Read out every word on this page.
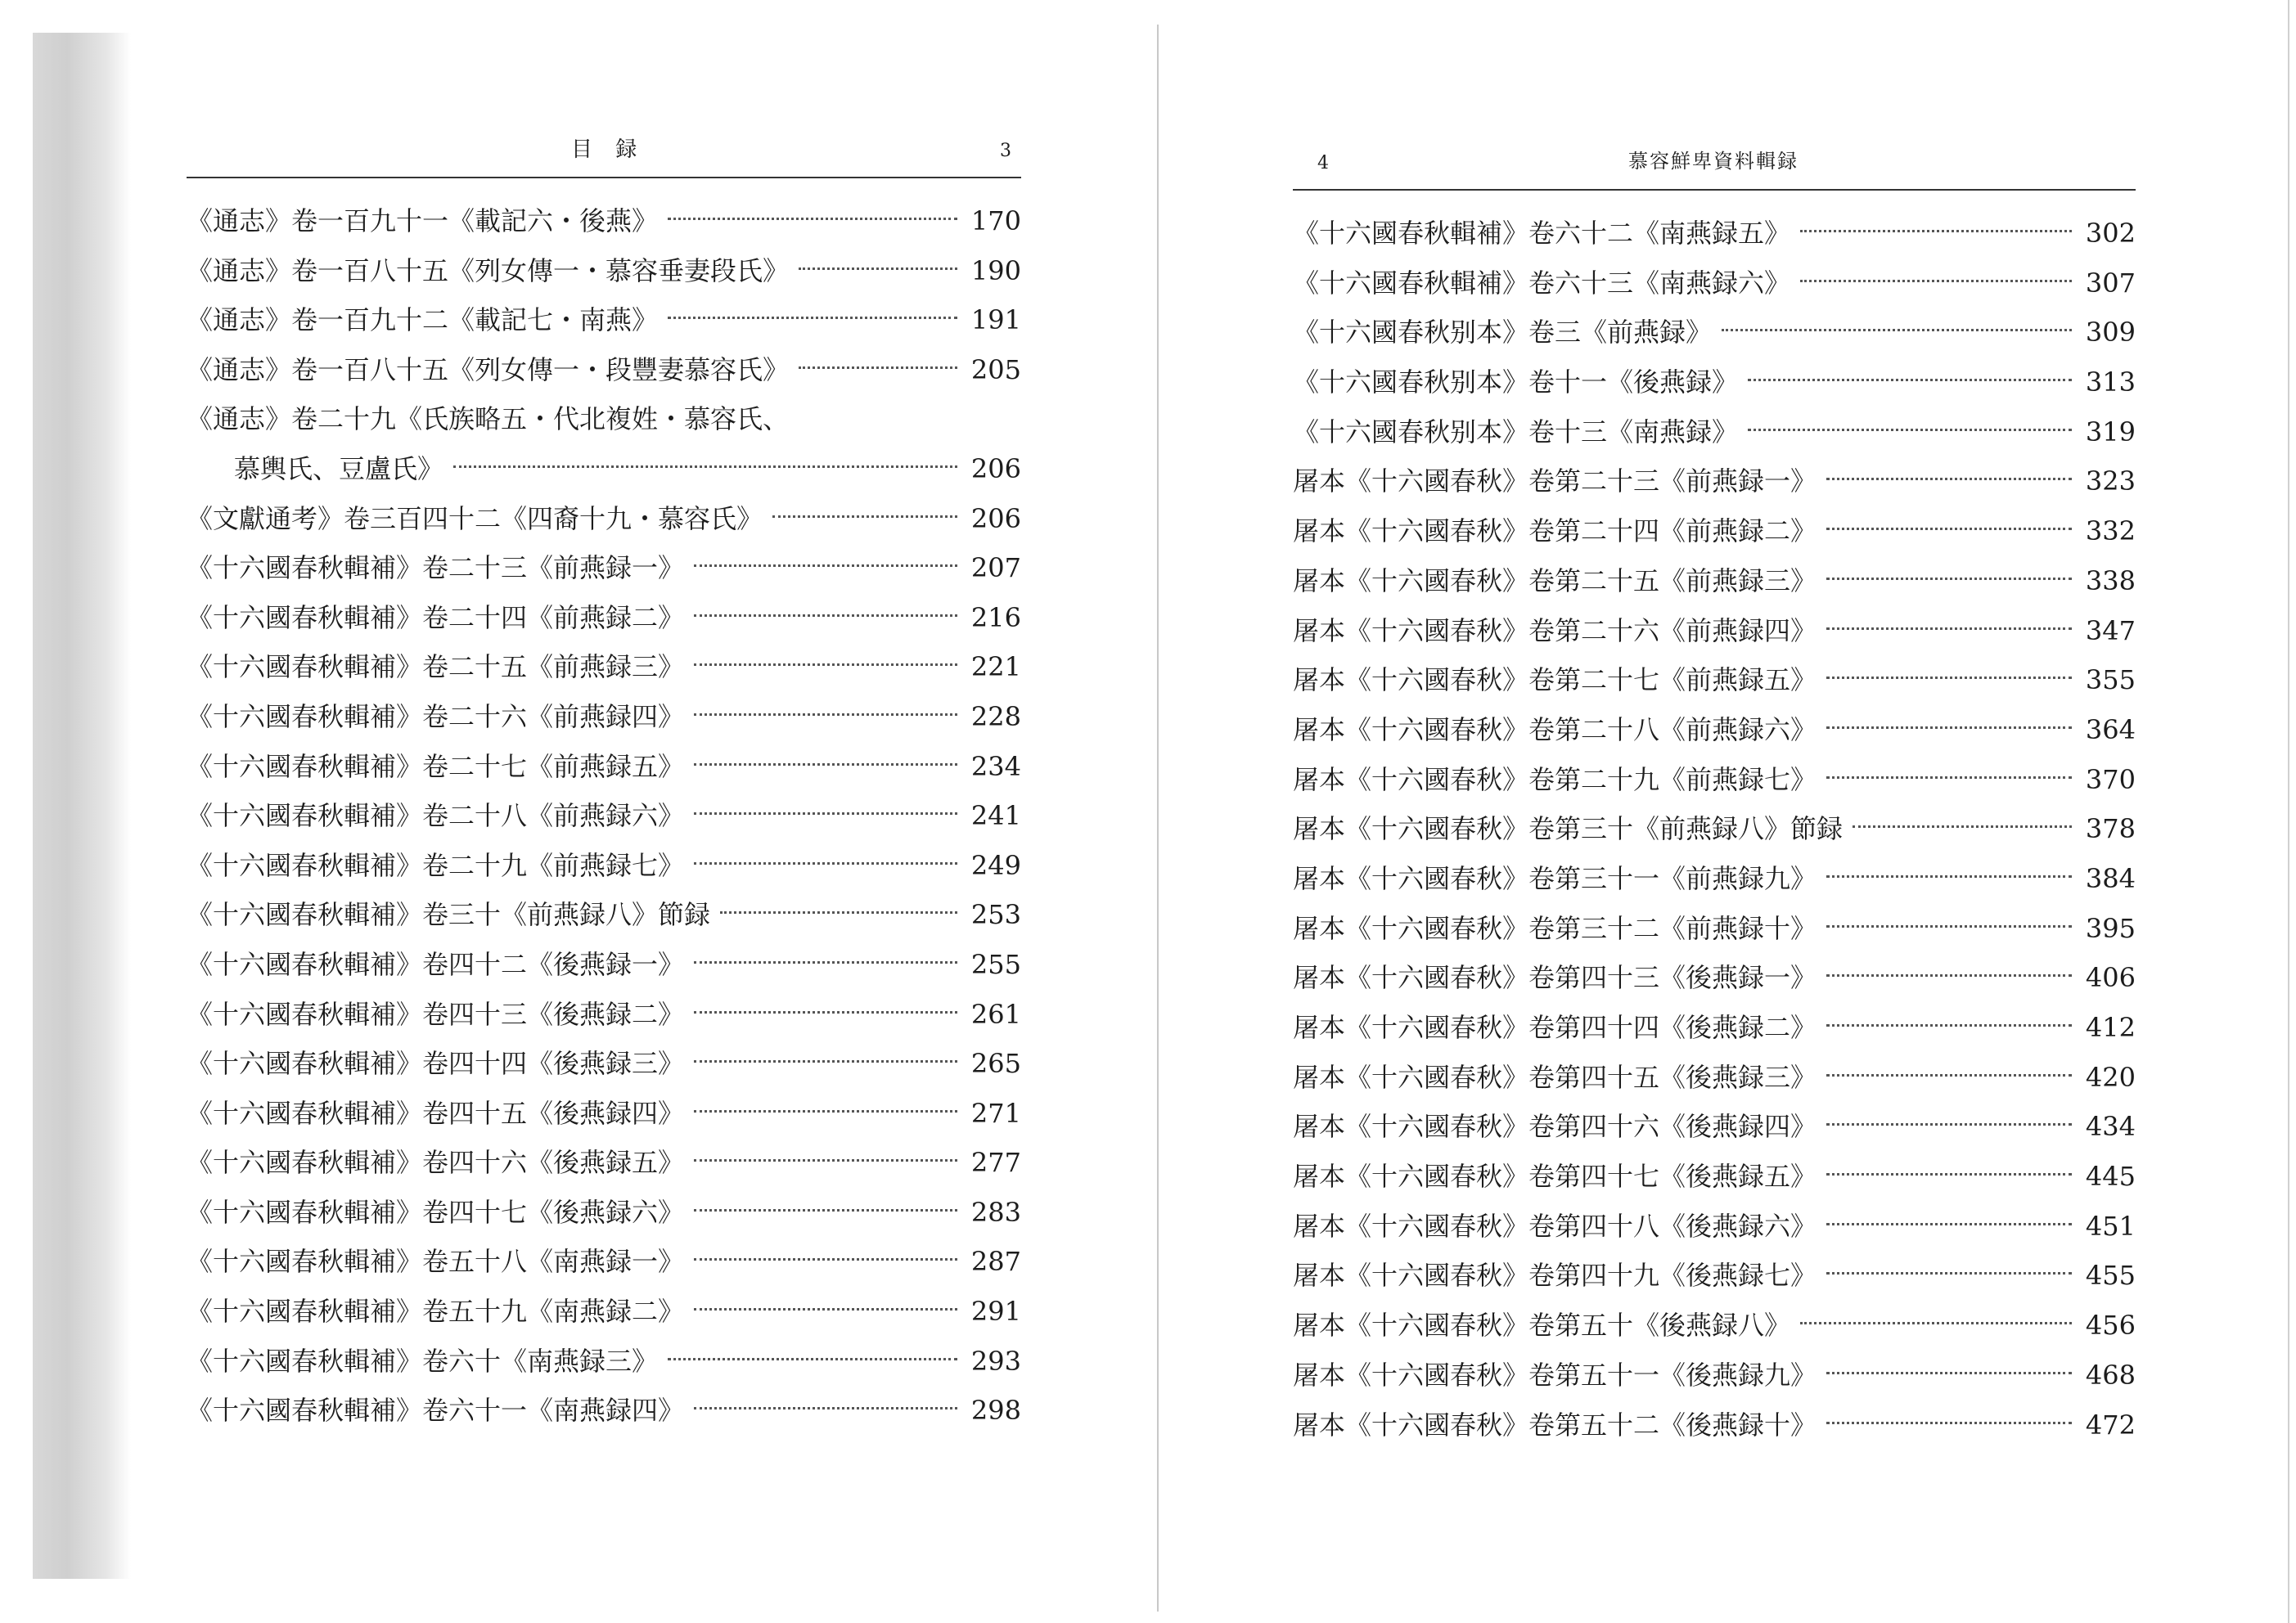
目 録	3
《通志》卷一百九十一《載記六・後燕》	170
《通志》卷一百八十五《列女傳一・慕容垂妻段氏》	190
《通志》卷一百九十二《載記七・南燕》	191
《通志》卷一百八十五《列女傳一・段豐妻慕容氏》	205
《通志》卷二十九《氏族略五・代北複姓・慕容氏、
慕輿氏、豆盧氏》	206
《文獻通考》卷三百四十二《四裔十九・慕容氏》	206
《十六國春秋輯補》卷二十三《前燕録一》	207
《十六國春秋輯補》卷二十四《前燕録二》	216
《十六國春秋輯補》卷二十五《前燕録三》	221
《十六國春秋輯補》卷二十六《前燕録四》	228
《十六國春秋輯補》卷二十七《前燕録五》	234
《十六國春秋輯補》卷二十八《前燕録六》	241
《十六國春秋輯補》卷二十九《前燕録七》	249
《十六國春秋輯補》卷三十《前燕録八》節録	253
《十六國春秋輯補》卷四十二《後燕録一》	255
《十六國春秋輯補》卷四十三《後燕録二》	261
《十六國春秋輯補》卷四十四《後燕録三》	265
《十六國春秋輯補》卷四十五《後燕録四》	271
《十六國春秋輯補》卷四十六《後燕録五》	277
《十六國春秋輯補》卷四十七《後燕録六》	283
《十六國春秋輯補》卷五十八《南燕録一》	287
《十六國春秋輯補》卷五十九《南燕録二》	291
《十六國春秋輯補》卷六十《南燕録三》	293
《十六國春秋輯補》卷六十一《南燕録四》	298
4	慕容鮮卑資料輯録
《十六國春秋輯補》卷六十二《南燕録五》	302
《十六國春秋輯補》卷六十三《南燕録六》	307
《十六國春秋别本》卷三《前燕録》	309
《十六國春秋别本》卷十一《後燕録》	313
《十六國春秋别本》卷十三《南燕録》	319
屠本《十六國春秋》卷第二十三《前燕録一》	323
屠本《十六國春秋》卷第二十四《前燕録二》	332
屠本《十六國春秋》卷第二十五《前燕録三》	338
屠本《十六國春秋》卷第二十六《前燕録四》	347
屠本《十六國春秋》卷第二十七《前燕録五》	355
屠本《十六國春秋》卷第二十八《前燕録六》	364
屠本《十六國春秋》卷第二十九《前燕録七》	370
屠本《十六國春秋》卷第三十《前燕録八》節録	378
屠本《十六國春秋》卷第三十一《前燕録九》	384
屠本《十六國春秋》卷第三十二《前燕録十》	395
屠本《十六國春秋》卷第四十三《後燕録一》	406
屠本《十六國春秋》卷第四十四《後燕録二》	412
屠本《十六國春秋》卷第四十五《後燕録三》	420
屠本《十六國春秋》卷第四十六《後燕録四》	434
屠本《十六國春秋》卷第四十七《後燕録五》	445
屠本《十六國春秋》卷第四十八《後燕録六》	451
屠本《十六國春秋》卷第四十九《後燕録七》	455
屠本《十六國春秋》卷第五十《後燕録八》	456
屠本《十六國春秋》卷第五十一《後燕録九》	468
屠本《十六國春秋》卷第五十二《後燕録十》	472
